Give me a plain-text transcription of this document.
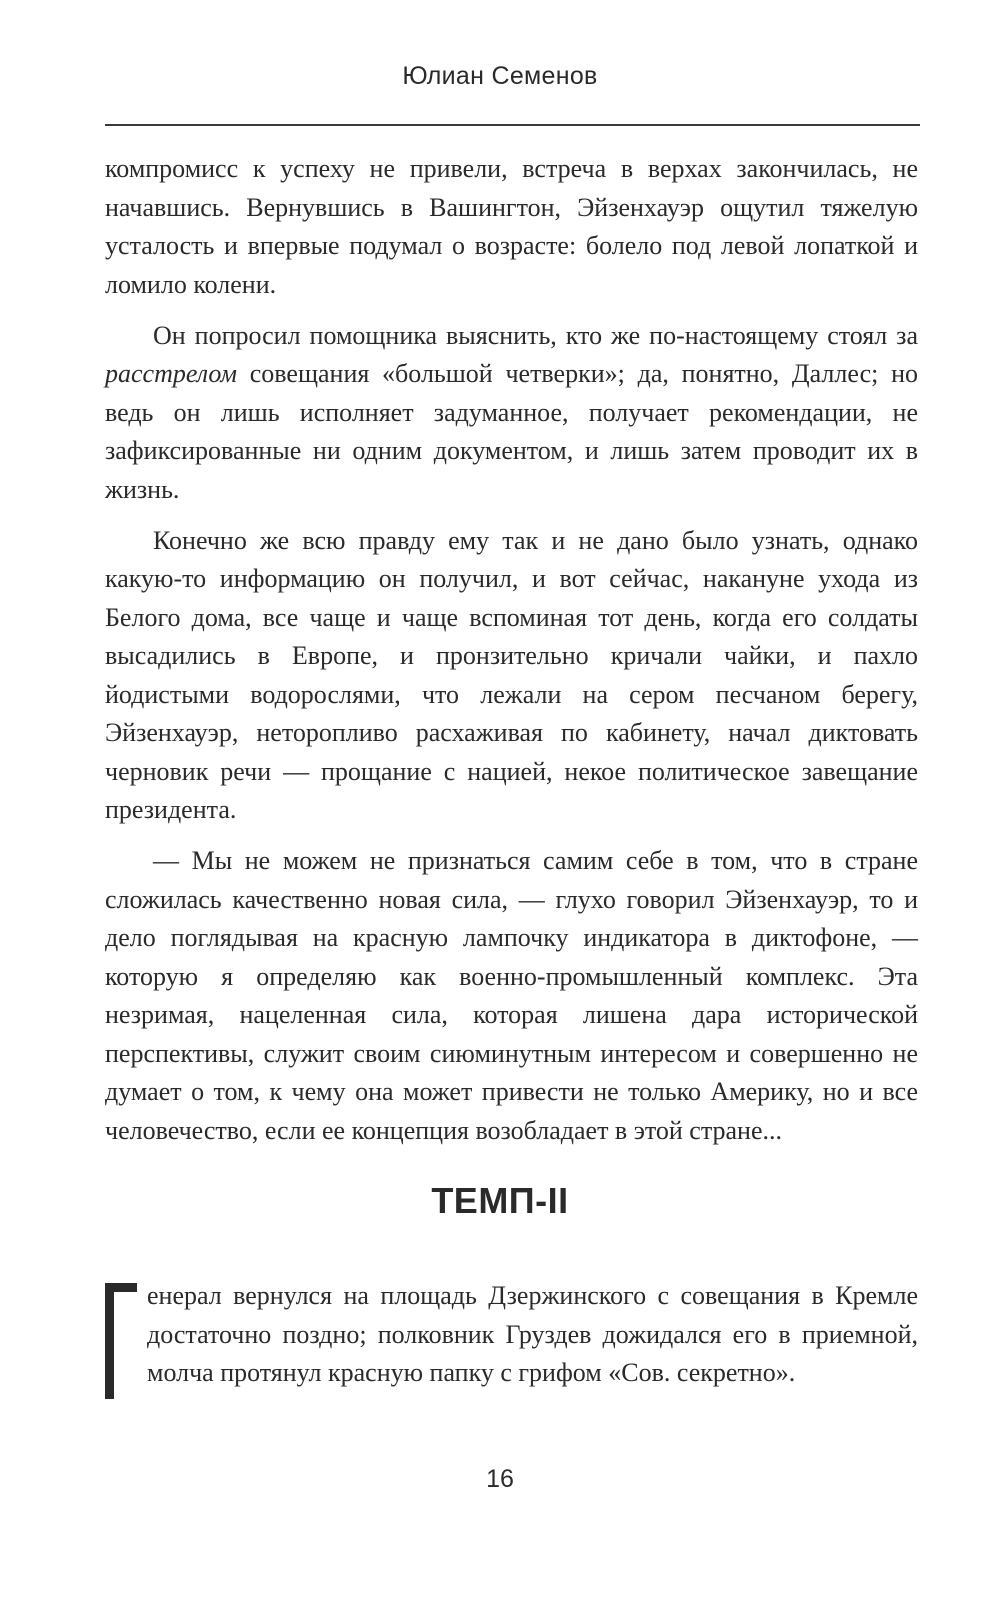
Юлиан Семенов

компромисс к успеху не привели, встреча в верхах закончилась, не начавшись. Вернувшись в Вашингтон, Эйзенхауэр ощутил тяжелую усталость и впервые подумал о возрасте: болело под левой лопаткой и ломило колени.

Он попросил помощника выяснить, кто же по-настоящему стоял за расстрелом совещания «большой четверки»; да, понятно, Даллес; но ведь он лишь исполняет задуманное, получает рекомендации, не зафиксированные ни одним документом, и лишь затем проводит их в жизнь.

Конечно же всю правду ему так и не дано было узнать, однако какую-то информацию он получил, и вот сейчас, накануне ухода из Белого дома, все чаще и чаще вспоминая тот день, когда его солдаты высадились в Европе, и пронзительно кричали чайки, и пахло йодистыми водорослями, что лежали на сером песчаном берегу, Эйзенхауэр, неторопливо расхаживая по кабинету, начал диктовать черновик речи — прощание с нацией, некое политическое завещание президента.

— Мы не можем не признаться самим себе в том, что в стране сложилась качественно новая сила, — глухо говорил Эйзенхауэр, то и дело поглядывая на красную лампочку индикатора в диктофоне, — которую я определяю как военно-промышленный комплекс. Эта незримая, нацеленная сила, которая лишена дара исторической перспективы, служит своим сиюминутным интересом и совершенно не думает о том, к чему она может привести не только Америку, но и все человечество, если ее концепция возобладает в этой стране...

ТЕМП-II

енерал вернулся на площадь Дзержинского с совещания в Кремле достаточно поздно; полковник Груздев дожидался его в приемной, молча протянул красную папку с грифом «Сов. секретно».

16
